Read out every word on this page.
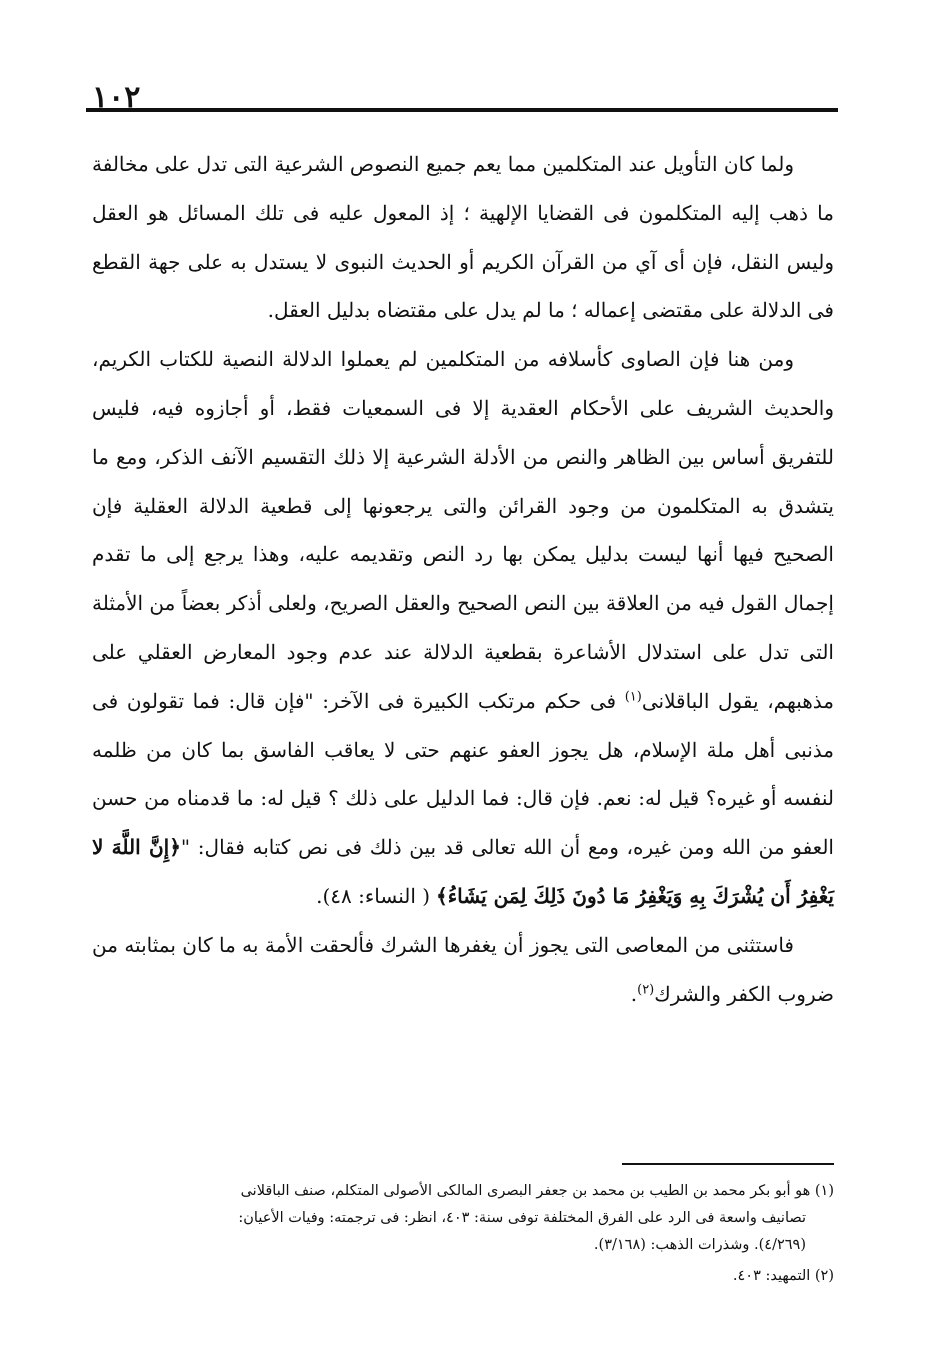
١٠٢

ولما كان التأويل عند المتكلمين مما يعم جميع النصوص الشرعية التى تدل على مخالفة ما ذهب إليه المتكلمون فى القضايا الإلهية ؛ إذ المعول عليه فى تلك المسائل هو العقل وليس النقل، فإن أى آي من القرآن الكريم أو الحديث النبوى لا يستدل به على جهة القطع فى الدلالة على مقتضى إعماله ؛ ما لم يدل على مقتضاه بدليل العقل.

ومن هنا فإن الصاوى كأسلافه من المتكلمين لم يعملوا الدلالة النصية للكتاب الكريم، والحديث الشريف على الأحكام العقدية إلا فى السمعيات فقط، أو أجازوه فيه، فليس للتفريق أساس بين الظاهر والنص من الأدلة الشرعية إلا ذلك التقسيم الآنف الذكر، ومع ما يتشدق به المتكلمون من وجود القرائن والتى يرجعونها إلى قطعية الدلالة العقلية فإن الصحيح فيها أنها ليست بدليل يمكن بها رد النص وتقديمه عليه، وهذا يرجع إلى ما تقدم إجمال القول فيه من العلاقة بين النص الصحيح والعقل الصريح، ولعلى أذكر بعضاً من الأمثلة التى تدل على استدلال الأشاعرة بقطعية الدلالة عند عدم وجود المعارض العقلي على مذهبهم، يقول الباقلانى$^{(١)}$ فى حكم مرتكب الكبيرة فى الآخر: "فإن قال: فما تقولون فى مذنبى أهل ملة الإسلام، هل يجوز العفو عنهم حتى لا يعاقب الفاسق بما كان من ظلمه لنفسه أو غيره؟ قيل له: نعم. فإن قال: فما الدليل على ذلك ؟ قيل له: ما قدمناه من حسن العفو من الله ومن غيره، ومع أن الله تعالى قد بين ذلك فى نص كتابه فقال: "﴿إِنَّ اللَّهَ لا يَغْفِرُ أَن يُشْرَكَ بِهِ وَيَغْفِرُ مَا دُونَ ذَلِكَ لِمَن يَشَاءُ﴾( النساء: ٤٨).

فاستثنى من المعاصى التى يجوز أن يغفرها الشرك فألحقت الأمة به ما كان بمثابته من ضروب الكفر والشرك$^{(٢)}$.

(١) هو أبو بكر محمد بن الطيب بن محمد بن جعفر البصرى المالكى الأصولى المتكلم، صنف الباقلانى
تصانيف واسعة فى الرد على الفرق المختلفة توفى سنة: ٤٠٣، انظر: فى ترجمته: وفيات الأعيان:
(٤/٢٦٩). وشذرات الذهب: (٣/١٦٨).
(٢) التمهيد: ٤٠٣.
